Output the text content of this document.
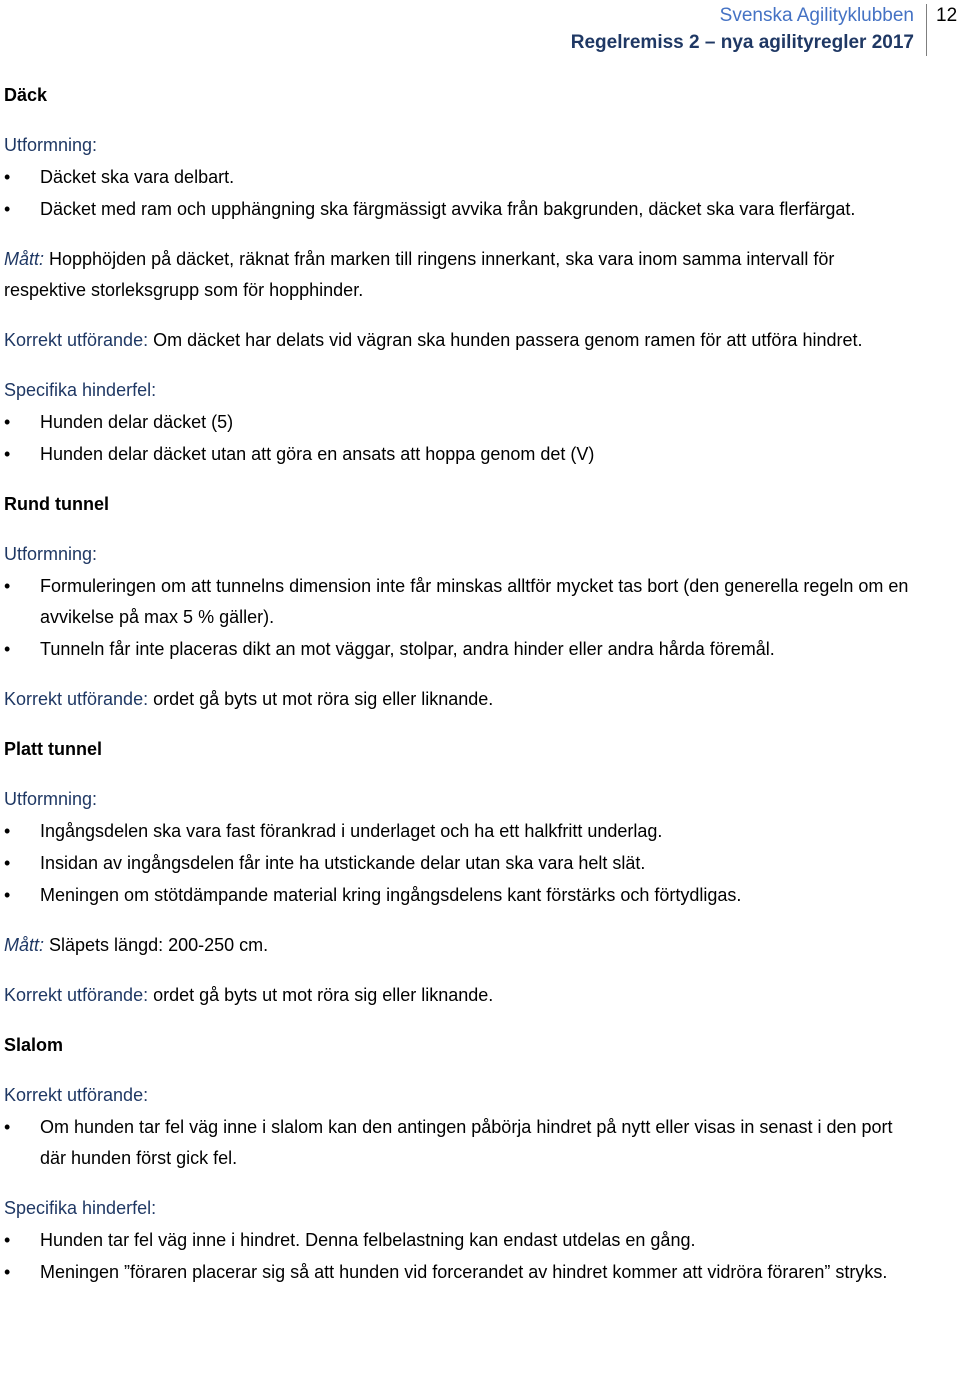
Svenska Agilityklubben
Regelremiss 2 – nya agilityregler 2017
12
Däck
Utformning:
• Däcket ska vara delbart.
• Däcket med ram och upphängning ska färgmässigt avvika från bakgrunden, däcket ska vara flerfärgat.
Mått: Hopphöjden på däcket, räknat från marken till ringens innerkant, ska vara inom samma intervall för respektive storleksgrupp som för hopphinder.
Korrekt utförande: Om däcket har delats vid vägran ska hunden passera genom ramen för att utföra hindret.
Specifika hinderfel:
• Hunden delar däcket (5)
• Hunden delar däcket utan att göra en ansats att hoppa genom det (V)
Rund tunnel
Utformning:
• Formuleringen om att tunnelns dimension inte får minskas alltför mycket tas bort (den generella regeln om en avvikelse på max 5 % gäller).
• Tunneln får inte placeras dikt an mot väggar, stolpar, andra hinder eller andra hårda föremål.
Korrekt utförande: ordet gå byts ut mot röra sig eller liknande.
Platt tunnel
Utformning:
• Ingångsdelen ska vara fast förankrad i underlaget och ha ett halkfritt underlag.
• Insidan av ingångsdelen får inte ha utstickande delar utan ska vara helt slät.
• Meningen om stötdämpande material kring ingångsdelens kant förstärks och förtydligas.
Mått: Släpets längd: 200-250 cm.
Korrekt utförande: ordet gå byts ut mot röra sig eller liknande.
Slalom
Korrekt utförande:
• Om hunden tar fel väg inne i slalom kan den antingen påbörja hindret på nytt eller visas in senast i den port där hunden först gick fel.
Specifika hinderfel:
• Hunden tar fel väg inne i hindret. Denna felbelastning kan endast utdelas en gång.
• Meningen ”föraren placerar sig så att hunden vid forcerandet av hindret kommer att vidröra föraren” stryks.
